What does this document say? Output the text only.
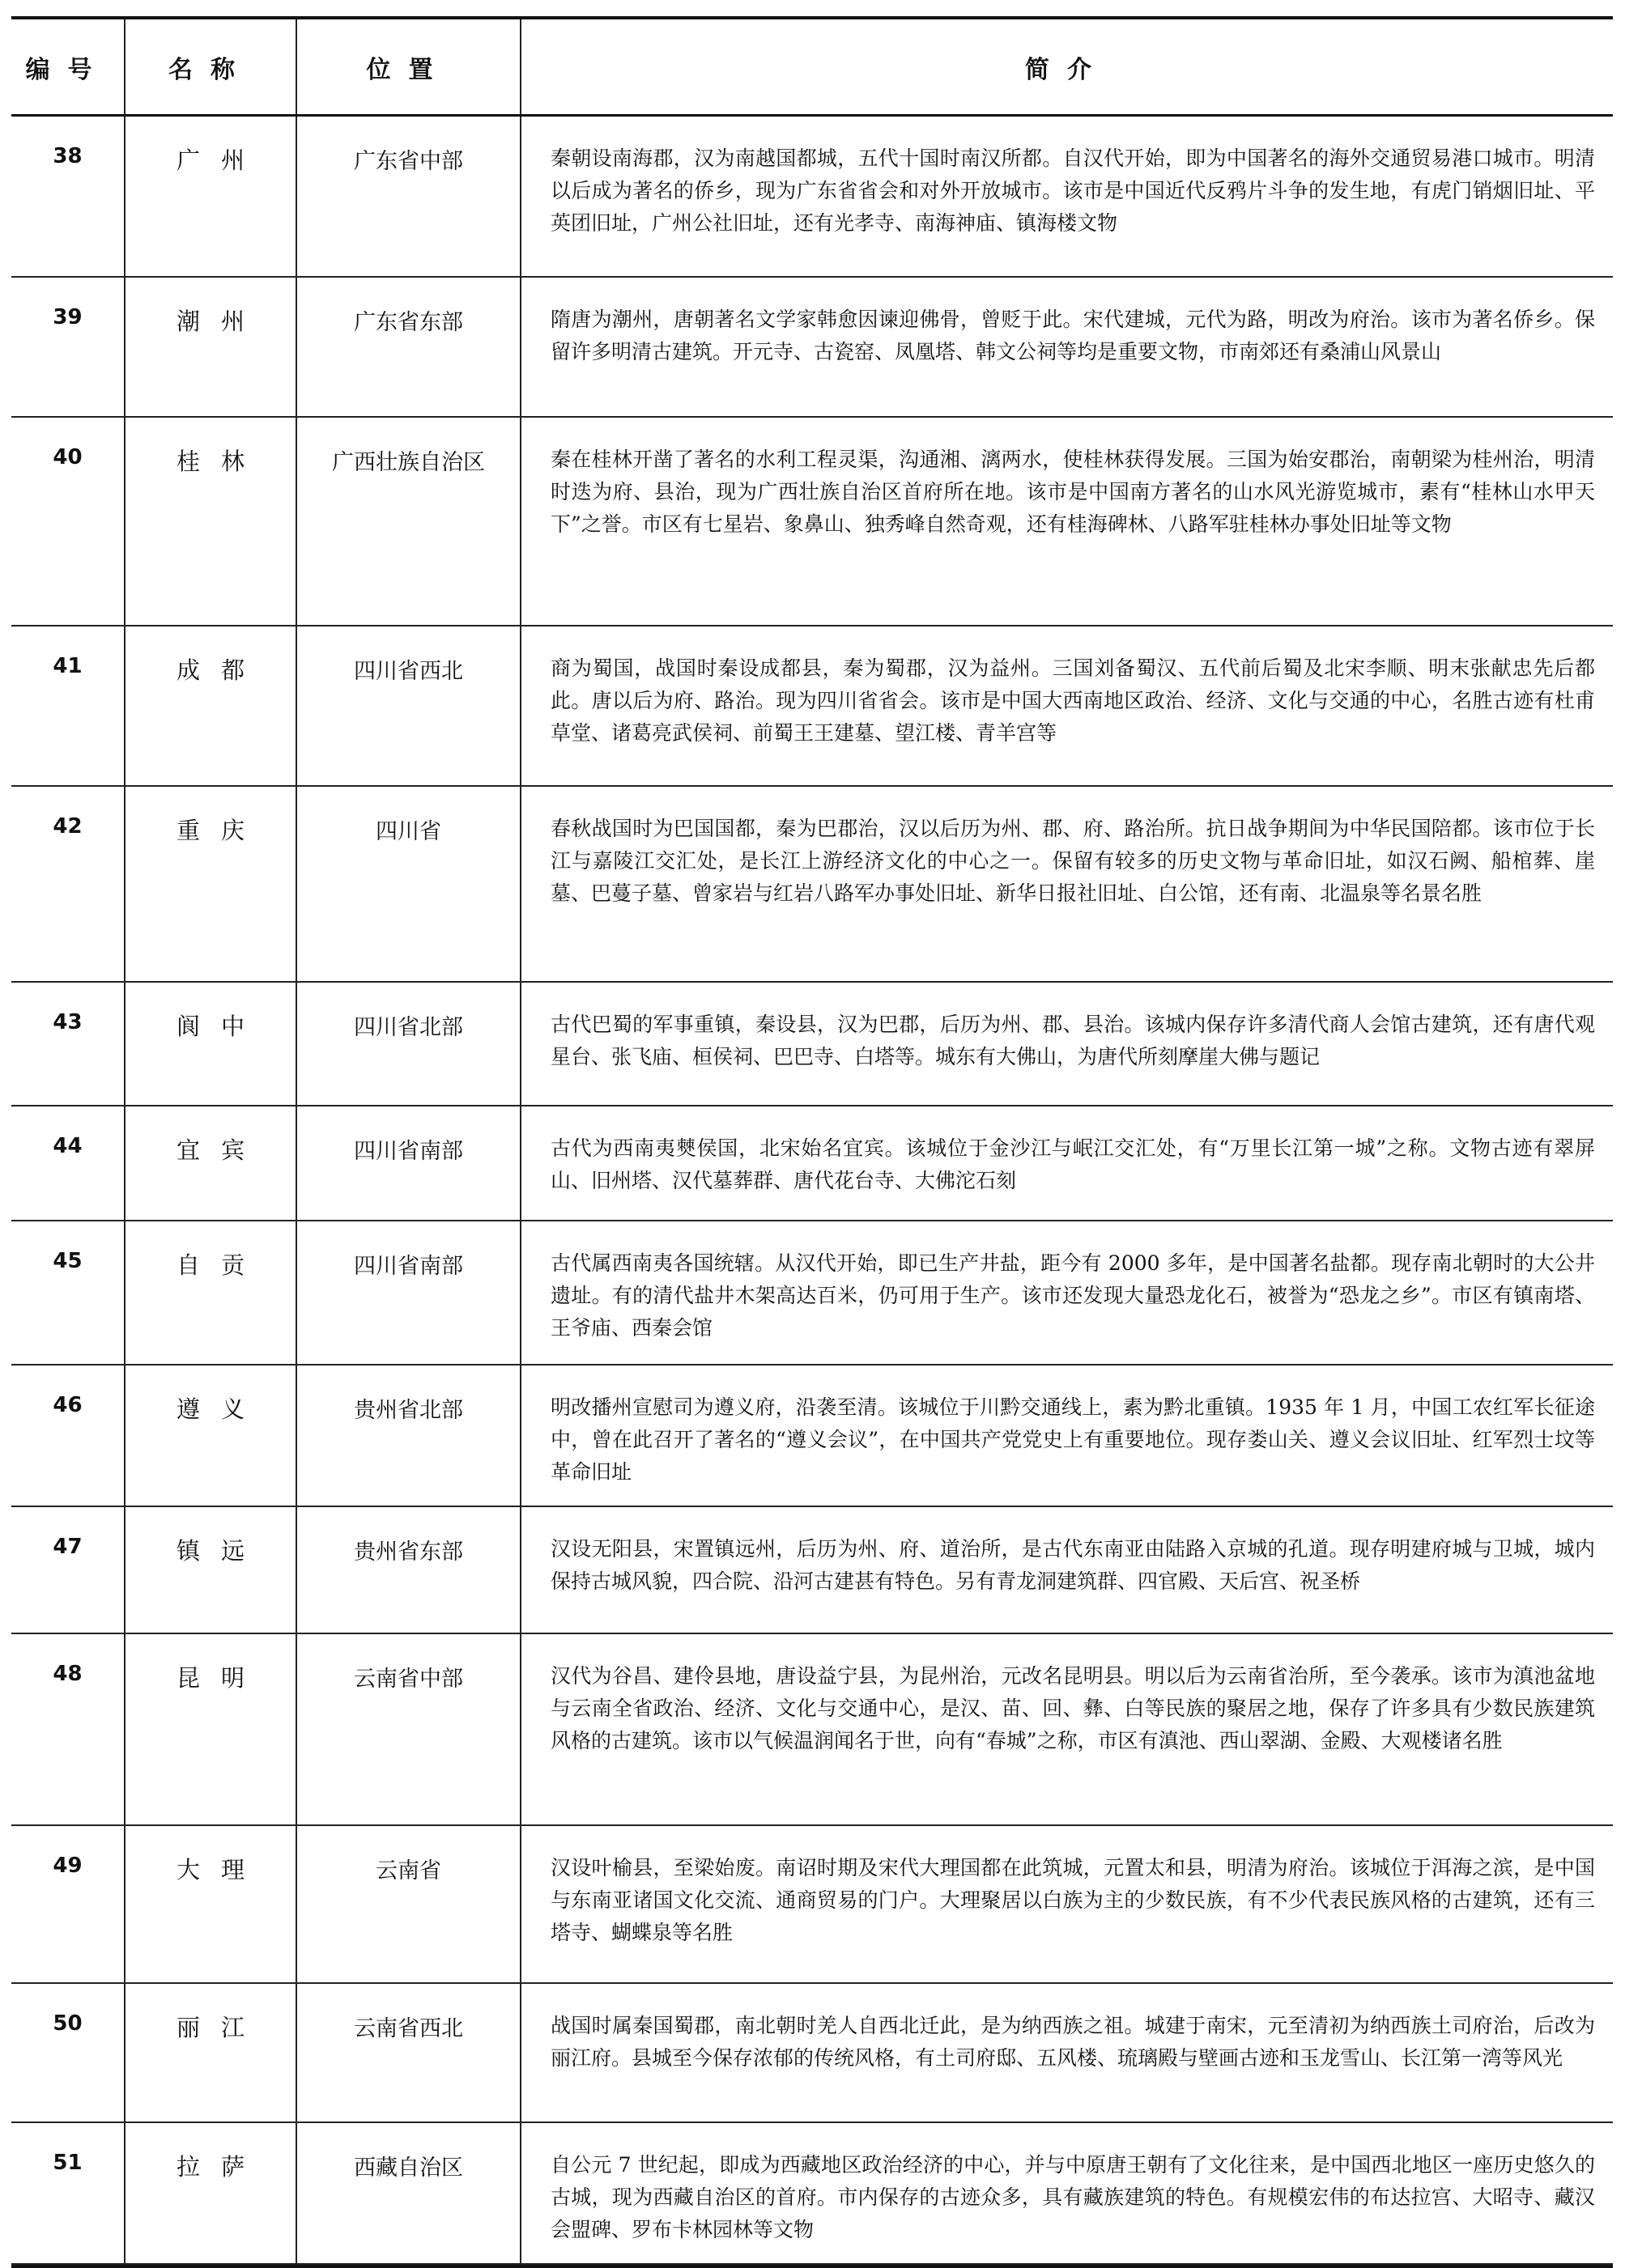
编号	名称	位置	简介
38	广州	广东省中部	秦朝设南海郡，汉为南越国都城，五代十国时南汉所都。自汉代开始，即为中国著名的海外交通贸易港口城市。明清以后成为著名的侨乡，现为广东省省会和对外开放城市。该市是中国近代反鸦片斗争的发生地，有虎门销烟旧址、平英团旧址，广州公社旧址，还有光孝寺、南海神庙、镇海楼文物
39	潮州	广东省东部	隋唐为潮州，唐朝著名文学家韩愈因谏迎佛骨，曾贬于此。宋代建城，元代为路，明改为府治。该市为著名侨乡。保留许多明清古建筑。开元寺、古瓷窑、凤凰塔、韩文公祠等均是重要文物，市南郊还有桑浦山风景山
40	桂林	广西壮族自治区	秦在桂林开凿了著名的水利工程灵渠，沟通湘、漓两水，使桂林获得发展。三国为始安郡治，南朝梁为桂州治，明清时迭为府、县治，现为广西壮族自治区首府所在地。该市是中国南方著名的山水风光游览城市，素有“桂林山水甲天下”之誉。市区有七星岩、象鼻山、独秀峰自然奇观，还有桂海碑林、八路军驻桂林办事处旧址等文物
41	成都	四川省西北	商为蜀国，战国时秦设成都县，秦为蜀郡，汉为益州。三国刘备蜀汉、五代前后蜀及北宋李顺、明末张献忠先后都此。唐以后为府、路治。现为四川省省会。该市是中国大西南地区政治、经济、文化与交通的中心，名胜古迹有杜甫草堂、诸葛亮武侯祠、前蜀王王建墓、望江楼、青羊宫等
42	重庆	四川省	春秋战国时为巴国国都，秦为巴郡治，汉以后历为州、郡、府、路治所。抗日战争期间为中华民国陪都。该市位于长江与嘉陵江交汇处，是长江上游经济文化的中心之一。保留有较多的历史文物与革命旧址，如汉石阙、船棺葬、崖墓、巴蔓子墓、曾家岩与红岩八路军办事处旧址、新华日报社旧址、白公馆，还有南、北温泉等名景名胜
43	阆中	四川省北部	古代巴蜀的军事重镇，秦设县，汉为巴郡，后历为州、郡、县治。该城内保存许多清代商人会馆古建筑，还有唐代观星台、张飞庙、桓侯祠、巴巴寺、白塔等。城东有大佛山，为唐代所刻摩崖大佛与题记
44	宜宾	四川省南部	古代为西南夷僰侯国，北宋始名宜宾。该城位于金沙江与岷江交汇处，有“万里长江第一城”之称。文物古迹有翠屏山、旧州塔、汉代墓葬群、唐代花台寺、大佛沱石刻
45	自贡	四川省南部	古代属西南夷各国统辖。从汉代开始，即已生产井盐，距今有 2000 多年，是中国著名盐都。现存南北朝时的大公井遗址。有的清代盐井木架高达百米，仍可用于生产。该市还发现大量恐龙化石，被誉为“恐龙之乡”。市区有镇南塔、王爷庙、西秦会馆
46	遵义	贵州省北部	明改播州宣慰司为遵义府，沿袭至清。该城位于川黔交通线上，素为黔北重镇。1935 年 1 月，中国工农红军长征途中，曾在此召开了著名的“遵义会议”，在中国共产党党史上有重要地位。现存娄山关、遵义会议旧址、红军烈士坟等革命旧址
47	镇远	贵州省东部	汉设无阳县，宋置镇远州，后历为州、府、道治所，是古代东南亚由陆路入京城的孔道。现存明建府城与卫城，城内保持古城风貌，四合院、沿河古建甚有特色。另有青龙洞建筑群、四官殿、天后宫、祝圣桥
48	昆明	云南省中部	汉代为谷昌、建伶县地，唐设益宁县，为昆州治，元改名昆明县。明以后为云南省治所，至今袭承。该市为滇池盆地与云南全省政治、经济、文化与交通中心，是汉、苗、回、彝、白等民族的聚居之地，保存了许多具有少数民族建筑风格的古建筑。该市以气候温润闻名于世，向有“春城”之称，市区有滇池、西山翠湖、金殿、大观楼诸名胜
49	大理	云南省	汉设叶榆县，至梁始废。南诏时期及宋代大理国都在此筑城，元置太和县，明清为府治。该城位于洱海之滨，是中国与东南亚诸国文化交流、通商贸易的门户。大理聚居以白族为主的少数民族，有不少代表民族风格的古建筑，还有三塔寺、蝴蝶泉等名胜
50	丽江	云南省西北	战国时属秦国蜀郡，南北朝时羌人自西北迁此，是为纳西族之祖。城建于南宋，元至清初为纳西族土司府治，后改为丽江府。县城至今保存浓郁的传统风格，有土司府邸、五风楼、琉璃殿与壁画古迹和玉龙雪山、长江第一湾等风光
51	拉萨	西藏自治区	自公元 7 世纪起，即成为西藏地区政治经济的中心，并与中原唐王朝有了文化往来，是中国西北地区一座历史悠久的古城，现为西藏自治区的首府。市内保存的古迹众多，具有藏族建筑的特色。有规模宏伟的布达拉宫、大昭寺、藏汉会盟碑、罗布卡林园林等文物
